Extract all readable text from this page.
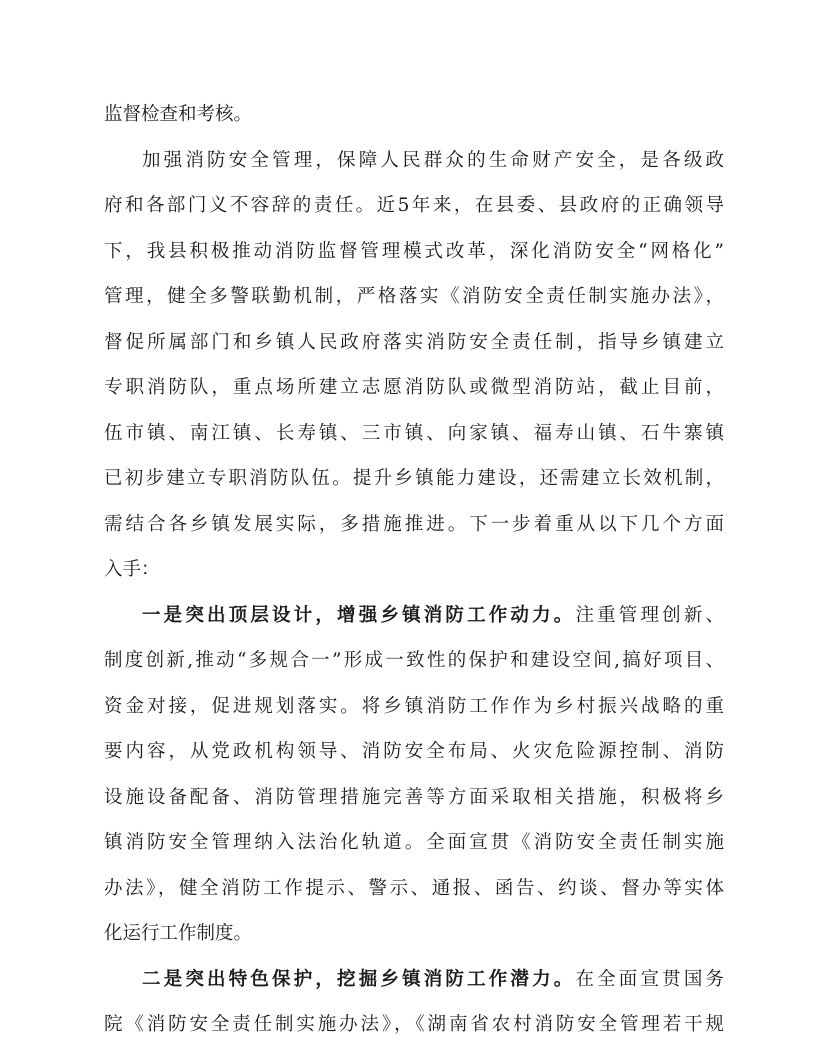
监督检查和考核。
加强消防安全管理，保障人民群众的生命财产安全，是各级政
府和各部门义不容辞的责任。近5年来，在县委、县政府的正确领导
下，我县积极推动消防监督管理模式改革，深化消防安全“网格化”
管理，健全多警联勤机制，严格落实《消防安全责任制实施办法》，
督促所属部门和乡镇人民政府落实消防安全责任制，指导乡镇建立
专职消防队，重点场所建立志愿消防队或微型消防站，截止目前，
伍市镇、南江镇、长寿镇、三市镇、向家镇、福寿山镇、石牛寨镇
已初步建立专职消防队伍。提升乡镇能力建设，还需建立长效机制，
需结合各乡镇发展实际，多措施推进。下一步着重从以下几个方面
入手：
一是突出顶层设计，增强乡镇消防工作动力。注重管理创新、
制度创新,推动“多规合一”形成一致性的保护和建设空间,搞好项目、
资金对接，促进规划落实。将乡镇消防工作作为乡村振兴战略的重
要内容，从党政机构领导、消防安全布局、火灾危险源控制、消防
设施设备配备、消防管理措施完善等方面采取相关措施，积极将乡
镇消防安全管理纳入法治化轨道。全面宣贯《消防安全责任制实施
办法》，健全消防工作提示、警示、通报、函告、约谈、督办等实体
化运行工作制度。
二是突出特色保护，挖掘乡镇消防工作潜力。在全面宣贯国务
院《消防安全责任制实施办法》，《湖南省农村消防安全管理若干规
